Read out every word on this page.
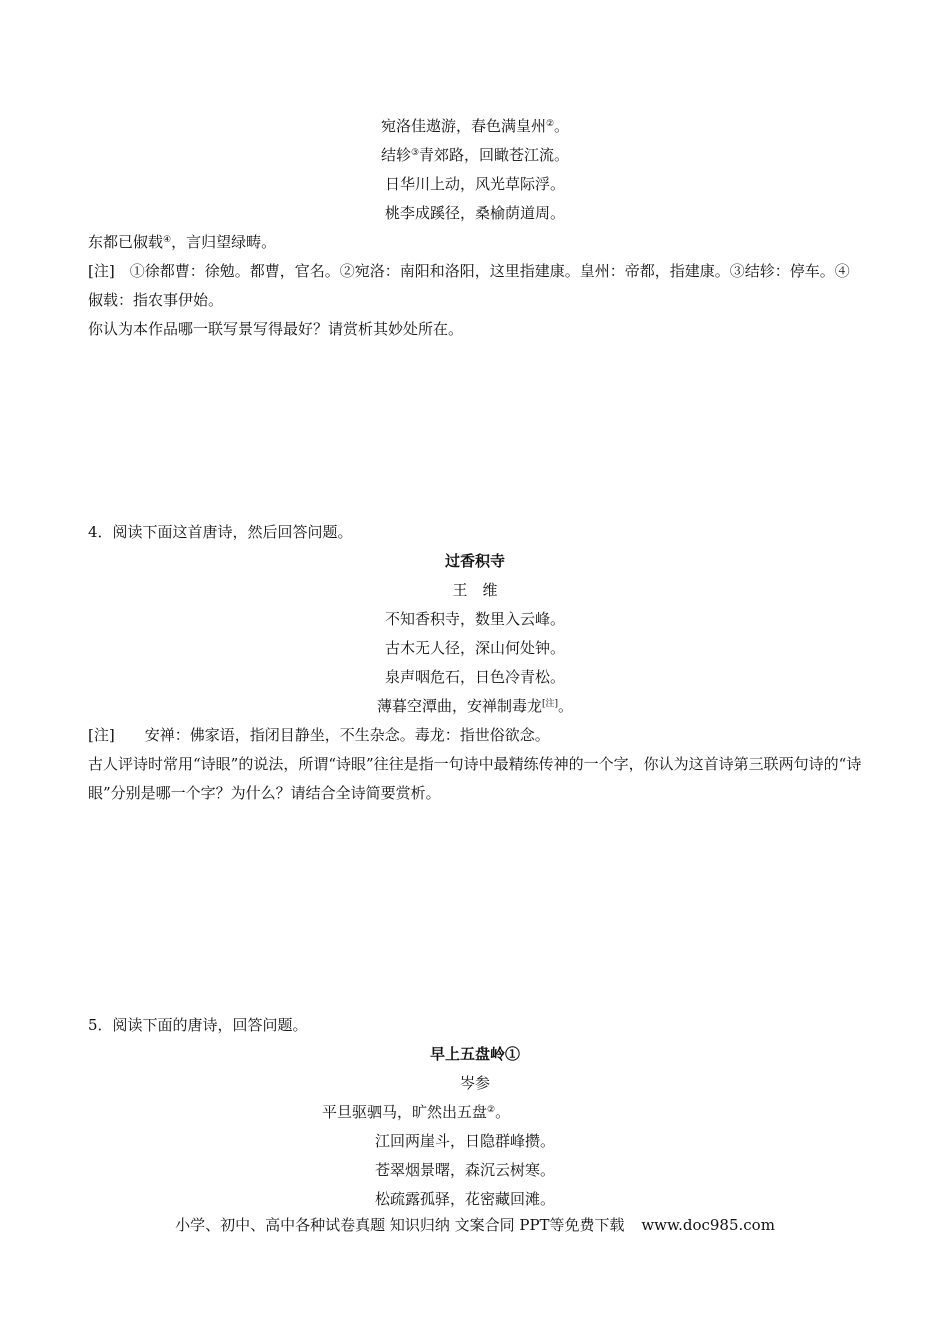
宛洛佳遨游，春色满皇州②。
结轸③青郊路，回瞰苍江流。
日华川上动，风光草际浮。
桃李成蹊径，桑榆荫道周。
东都已俶载④，言归望绿畴。
[注]　①徐都曹：徐勉。都曹，官名。②宛洛：南阳和洛阳，这里指建康。皇州：帝都，指建康。③结轸：停车。④俶载：指农事伊始。
你认为本作品哪一联写景写得最好？请赏析其妙处所在。
4．阅读下面这首唐诗，然后回答问题。
过香积寺
王　维
不知香积寺，数里入云峰。
古木无人径，深山何处钟。
泉声咽危石，日色冷青松。
薄暮空潭曲，安禅制毒龙[注]。
[注]　　安禅：佛家语，指闭目静坐，不生杂念。毒龙：指世俗欲念。
古人评诗时常用“诗眼”的说法，所谓“诗眼”往往是指一句诗中最精练传神的一个字，你认为这首诗第三联两句诗的“诗眼”分别是哪一个字？为什么？请结合全诗简要赏析。
5．阅读下面的唐诗，回答问题。
早上五盘岭①
岑参
平旦驱驷马，旷然出五盘②。
江回两崖斗，日隐群峰攒。
苍翠烟景曙，森沉云树寒。
松疏露孤驿，花密藏回滩。
小学、初中、高中各种试卷真题 知识归纳 文案合同 PPT等免费下载 www.doc985.com
